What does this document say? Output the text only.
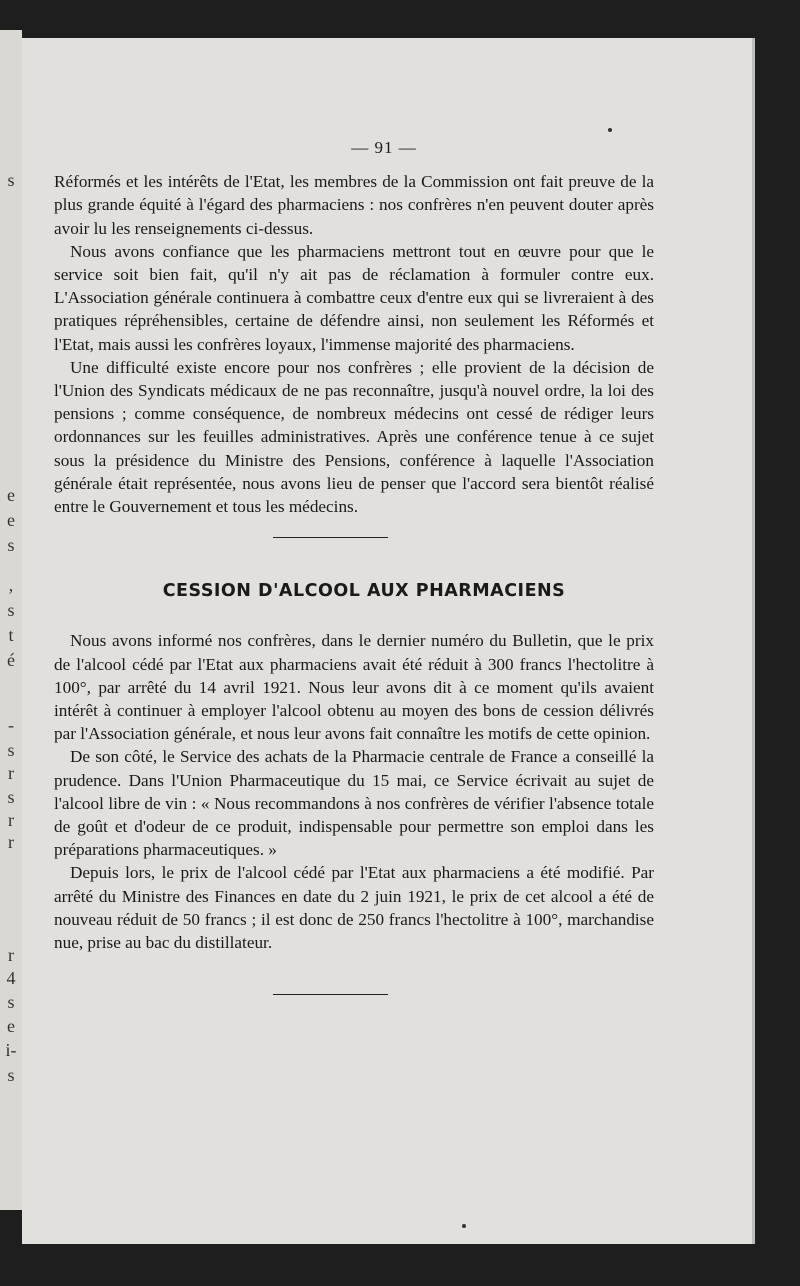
s
e
e
s
,
s
t
é
-
s
r
s
r
r
r
4
s
e
i-
s
— 91 —

Réformés et les intérêts de l'Etat, les membres de la Commission ont fait preuve de la plus grande équité à l'égard des pharmaciens : nos confrères n'en peuvent douter après avoir lu les renseignements ci-dessus.

Nous avons confiance que les pharmaciens mettront tout en œuvre pour que le service soit bien fait, qu'il n'y ait pas de réclamation à formuler contre eux. L'Association générale continuera à combattre ceux d'entre eux qui se livreraient à des pratiques répréhensibles, certaine de défendre ainsi, non seulement les Réformés et l'Etat, mais aussi les confrères loyaux, l'immense majorité des pharmaciens.

Une difficulté existe encore pour nos confrères ; elle provient de la décision de l'Union des Syndicats médicaux de ne pas reconnaître, jusqu'à nouvel ordre, la loi des pensions ; comme conséquence, de nombreux médecins ont cessé de rédiger leurs ordonnances sur les feuilles administratives. Après une conférence tenue à ce sujet sous la présidence du Ministre des Pensions, conférence à laquelle l'Association générale était représentée, nous avons lieu de penser que l'accord sera bientôt réalisé entre le Gouvernement et tous les médecins.

CESSION D'ALCOOL AUX PHARMACIENS

Nous avons informé nos confrères, dans le dernier numéro du Bulletin, que le prix de l'alcool cédé par l'Etat aux pharmaciens avait été réduit à 300 francs l'hectolitre à 100°, par arrêté du 14 avril 1921. Nous leur avons dit à ce moment qu'ils avaient intérêt à continuer à employer l'alcool obtenu au moyen des bons de cession délivrés par l'Association générale, et nous leur avons fait connaître les motifs de cette opinion.

De son côté, le Service des achats de la Pharmacie centrale de France a conseillé la prudence. Dans l'Union Pharmaceutique du 15 mai, ce Service écrivait au sujet de l'alcool libre de vin : « Nous recommandons à nos confrères de vérifier l'absence totale de goût et d'odeur de ce produit, indispensable pour permettre son emploi dans les préparations pharmaceutiques. »

Depuis lors, le prix de l'alcool cédé par l'Etat aux pharmaciens a été modifié. Par arrêté du Ministre des Finances en date du 2 juin 1921, le prix de cet alcool a été de nouveau réduit de 50 francs ; il est donc de 250 francs l'hectolitre à 100°, marchandise nue, prise au bac du distillateur.
